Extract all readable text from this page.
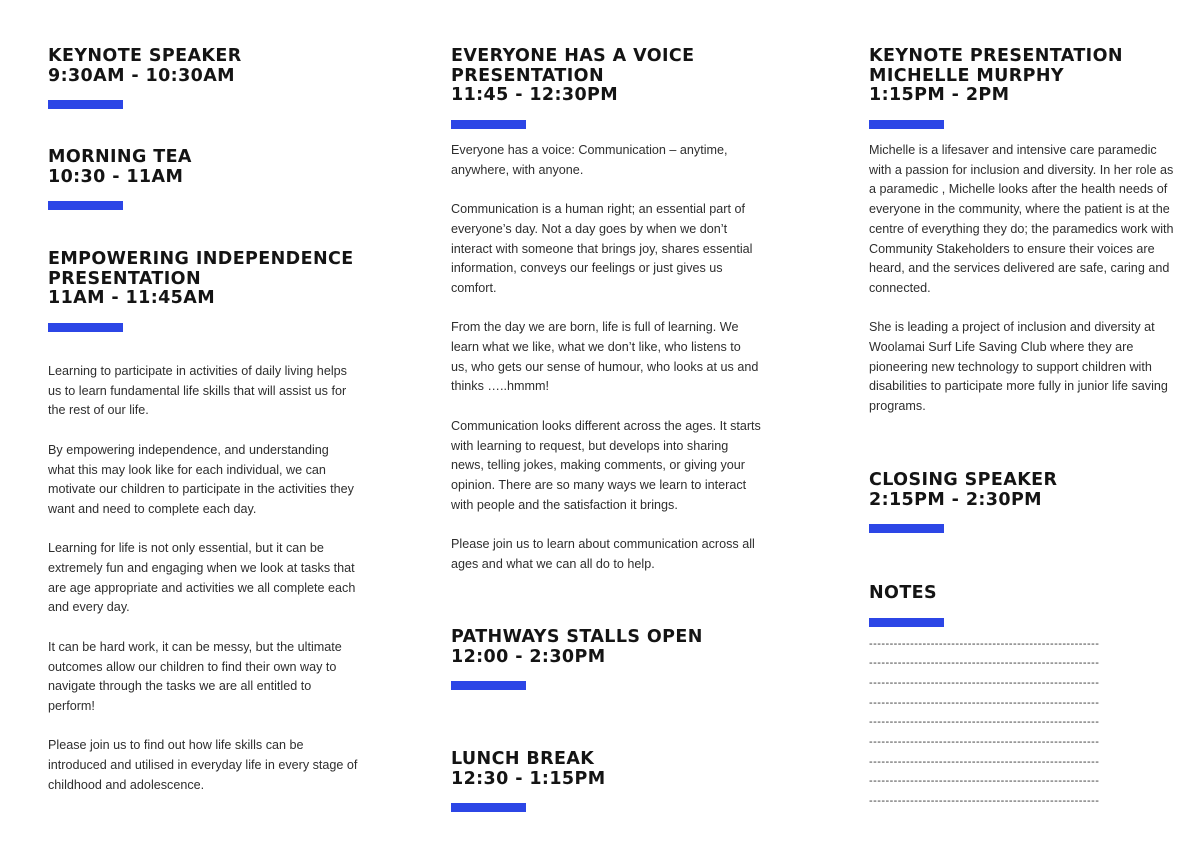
KEYNOTE SPEAKER

9:30AM - 10:30AM

MORNING TEA

10:30 - 11AM

EMPOWERING INDEPENDENCE

PRESENTATION

11AM - 11:45AM

Learning to participate in activities of daily living helps us to learn fundamental life skills that will assist us for the rest of our life.

By empowering independence, and understanding what this may look like for each individual, we can motivate our children to participate in the activities they want and need to complete each day.

Learning for life is not only essential, but it can be extremely fun and engaging when we look at tasks that are age appropriate and activities we all complete each and every day.

It can be hard work, it can be messy, but the ultimate outcomes allow our children to find their own way to navigate through the tasks we are all entitled to perform!

Please join us to find out how life skills can be introduced and utilised in everyday life in every stage of childhood and adolescence.

EVERYONE HAS A VOICE

PRESENTATION

11:45 - 12:30PM

Everyone has a voice: Communication – anytime, anywhere, with anyone.

Communication is a human right; an essential part of everyone’s day. Not a day goes by when we don’t interact with someone that brings joy, shares essential information, conveys our feelings or just gives us comfort.

From the day we are born, life is full of learning. We learn what we like, what we don’t like, who listens to us, who gets our sense of humour, who looks at us and thinks …..hmmm!

Communication looks different across the ages. It starts with learning to request, but develops into sharing news, telling jokes, making comments, or giving your opinion. There are so many ways we learn to interact with people and the satisfaction it brings.

Please join us to learn about communication across all ages and what we can all do to help.

PATHWAYS STALLS OPEN

12:00 - 2:30PM

LUNCH BREAK

12:30 - 1:15PM

KEYNOTE PRESENTATION

MICHELLE MURPHY

1:15PM - 2PM

Michelle is a lifesaver and intensive care paramedic with a passion for inclusion and diversity. In her role as a paramedic , Michelle looks after the health needs of everyone in the community, where the patient is at the centre of everything they do; the paramedics work with Community Stakeholders to ensure their voices are heard, and the services delivered are safe, caring and connected.

She is leading a project of inclusion and diversity at Woolamai Surf Life Saving Club where they are pioneering new technology to support children with disabilities to participate more fully in junior life saving programs.

CLOSING SPEAKER

2:15PM - 2:30PM

NOTES

--------------------------------------------------------
--------------------------------------------------------
--------------------------------------------------------
--------------------------------------------------------
--------------------------------------------------------
--------------------------------------------------------
--------------------------------------------------------
--------------------------------------------------------
--------------------------------------------------------
